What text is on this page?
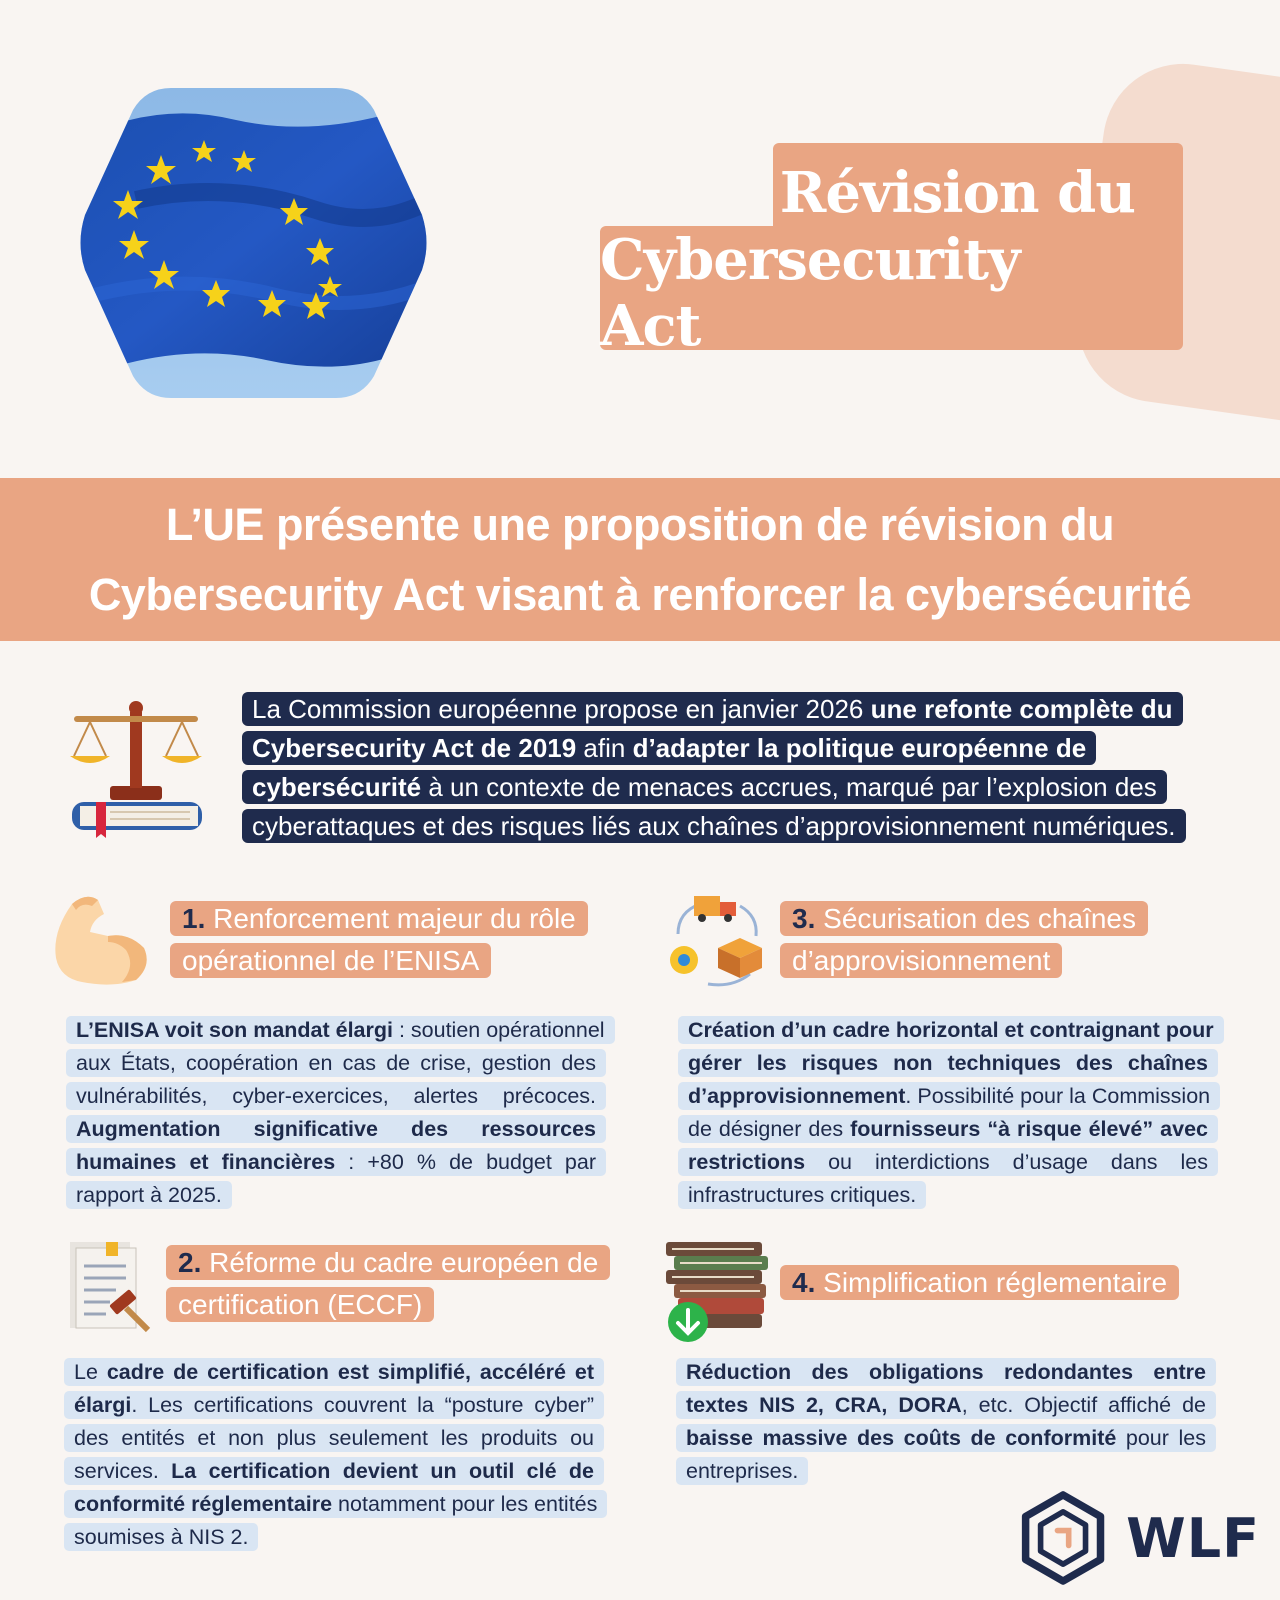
Révision du
Cybersecurity Act
L’UE présente une proposition de révision du
Cybersecurity Act visant à renforcer la cybersécurité
La Commission européenne propose en janvier 2026 une refonte complète du Cybersecurity Act de 2019 afin d’adapter la politique européenne de cybersécurité à un contexte de menaces accrues, marqué par l’explosion des cyberattaques et des risques liés aux chaînes d’approvisionnement numériques.
1. Renforcement majeur du rôle opérationnel de l’ENISA
L’ENISA voit son mandat élargi : soutien opérationnel aux États, coopération en cas de crise, gestion des vulnérabilités, cyber-exercices, alertes précoces. Augmentation significative des ressources humaines et financières : +80 % de budget par rapport à 2025.
3. Sécurisation des chaînes d’approvisionnement
Création d’un cadre horizontal et contraignant pour gérer les risques non techniques des chaînes d’approvisionnement. Possibilité pour la Commission de désigner des fournisseurs “à risque élevé” avec restrictions ou interdictions d’usage dans les infrastructures critiques.
2. Réforme du cadre européen de certification (ECCF)
Le cadre de certification est simplifié, accéléré et élargi. Les certifications couvrent la “posture cyber” des entités et non plus seulement les produits ou services. La certification devient un outil clé de conformité réglementaire notamment pour les entités soumises à NIS 2.
4. Simplification réglementaire
Réduction des obligations redondantes entre textes NIS 2, CRA, DORA, etc. Objectif affiché de baisse massive des coûts de conformité pour les entreprises.
WLF
